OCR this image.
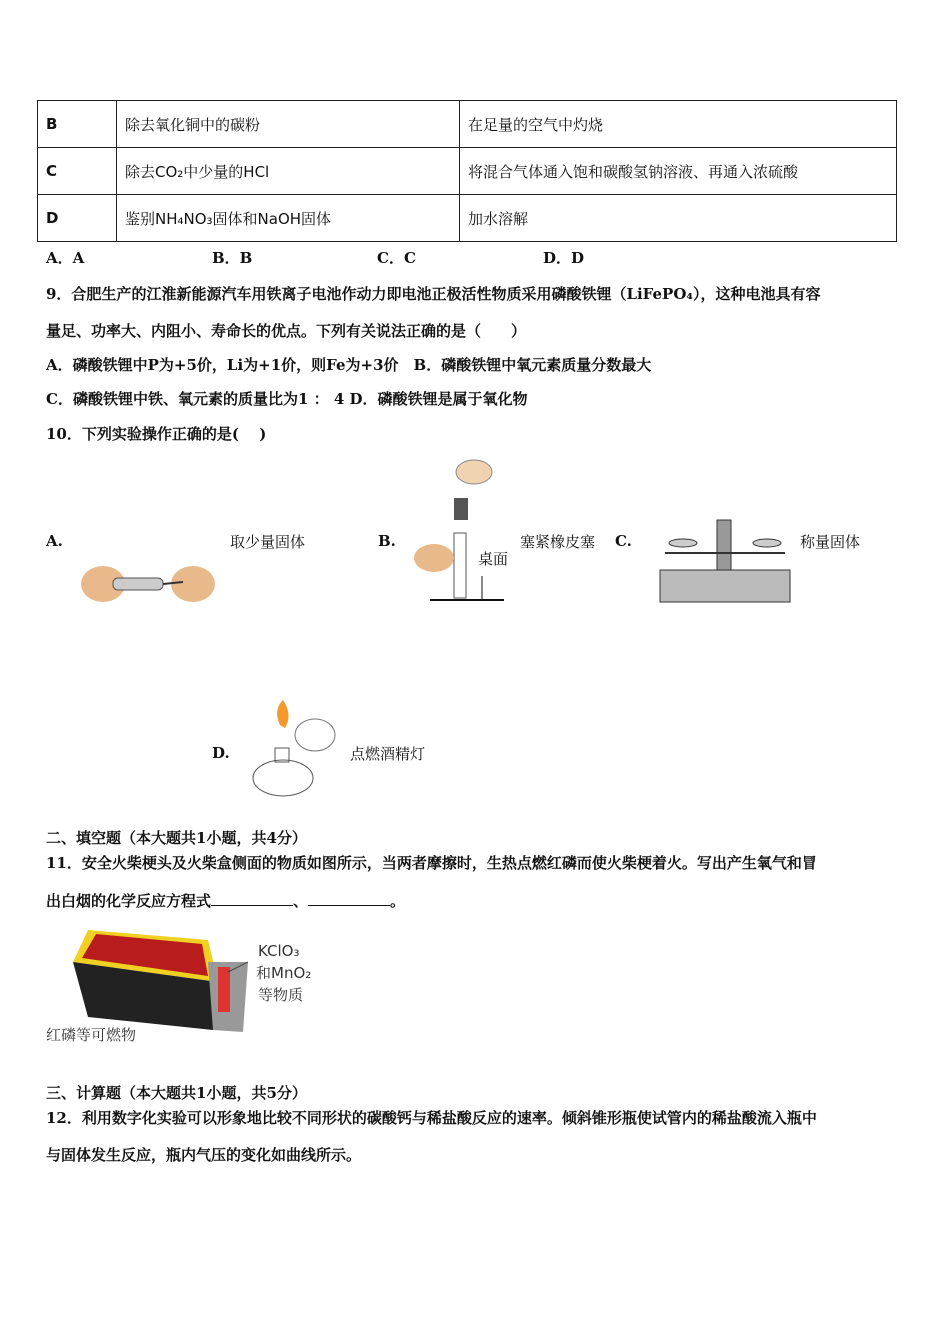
B	除去氧化铜中的碳粉	在足量的空气中灼烧
C	除去CO₂中少量的HCl	将混合气体通入饱和碳酸氢钠溶液、再通入浓硫酸
D	鉴别NH₄NO₃固体和NaOH固体	加水溶解
A．A	B．B	C．C	D．D
9．合肥生产的江淮新能源汽车用铁离子电池作动力即电池正极活性物质采用磷酸铁锂（LiFePO₄），这种电池具有容
量足、功率大、内阻小、寿命长的优点。下列有关说法正确的是（　　）
A．磷酸铁锂中P为+5价，Li为+1价，则Fe为+3价　B．磷酸铁锂中氧元素质量分数最大
C．磷酸铁锂中铁、氧元素的质量比为1 ： 4 D．磷酸铁锂是属于氧化物
10．下列实验操作正确的是(　 )
A.	取少量固体	B.
桌面
塞紧橡皮塞 C.	称量固体
D.	点燃酒精灯
二、填空题（本大题共1小题，共4分）
11．安全火柴梗头及火柴盒侧面的物质如图所示，当两者摩擦时，生热点燃红磷而使火柴梗着火。写出产生氧气和冒
出白烟的化学反应方程式	、	。
KClO₃
和MnO₂
等物质
红磷等可燃物
三、计算题（本大题共1小题，共5分）
12．利用数字化实验可以形象地比较不同形状的碳酸钙与稀盐酸反应的速率。倾斜锥形瓶使试管内的稀盐酸流入瓶中
与固体发生反应，瓶内气压的变化如曲线所示。
